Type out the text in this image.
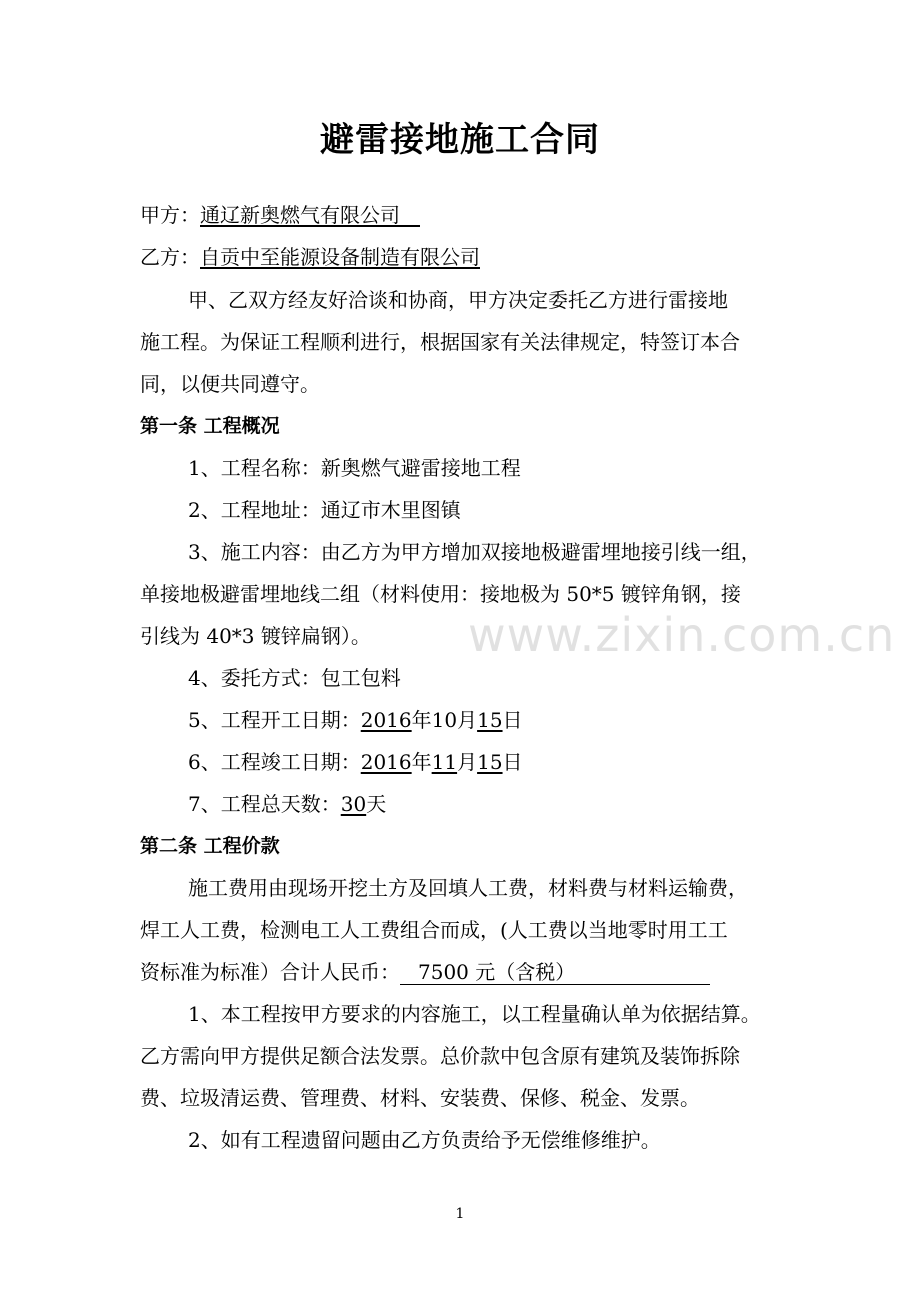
避雷接地施工合同
甲方：通辽新奥燃气有限公司 
乙方：自贡中至能源设备制造有限公司
甲、乙双方经友好洽谈和协商，甲方决定委托乙方进行雷接地
施工程。为保证工程顺利进行，根据国家有关法律规定，特签订本合
同，以便共同遵守。
第一条 工程概况
1、工程名称：新奥燃气避雷接地工程
2、工程地址：通辽市木里图镇
3、施工内容：由乙方为甲方增加双接地极避雷埋地接引线一组，
单接地极避雷埋地线二组（材料使用：接地极为 50*5 镀锌角钢，接
引线为 40*3 镀锌扁钢）。
4、委托方式：包工包料
5、工程开工日期：2016年10月15日
6、工程竣工日期：2016年11月15日
7、工程总天数：30天
第二条 工程价款
施工费用由现场开挖土方及回填人工费，材料费与材料运输费，
焊工人工费，检测电工人工费组合而成，(人工费以当地零时用工工
资标准为标准）合计人民币： 7500 元（含税）
1、本工程按甲方要求的内容施工，以工程量确认单为依据结算。
乙方需向甲方提供足额合法发票。总价款中包含原有建筑及装饰拆除
费、垃圾清运费、管理费、材料、安装费、保修、税金、发票。
2、如有工程遗留问题由乙方负责给予无偿维修维护。
www.zixin.com.cn
1
